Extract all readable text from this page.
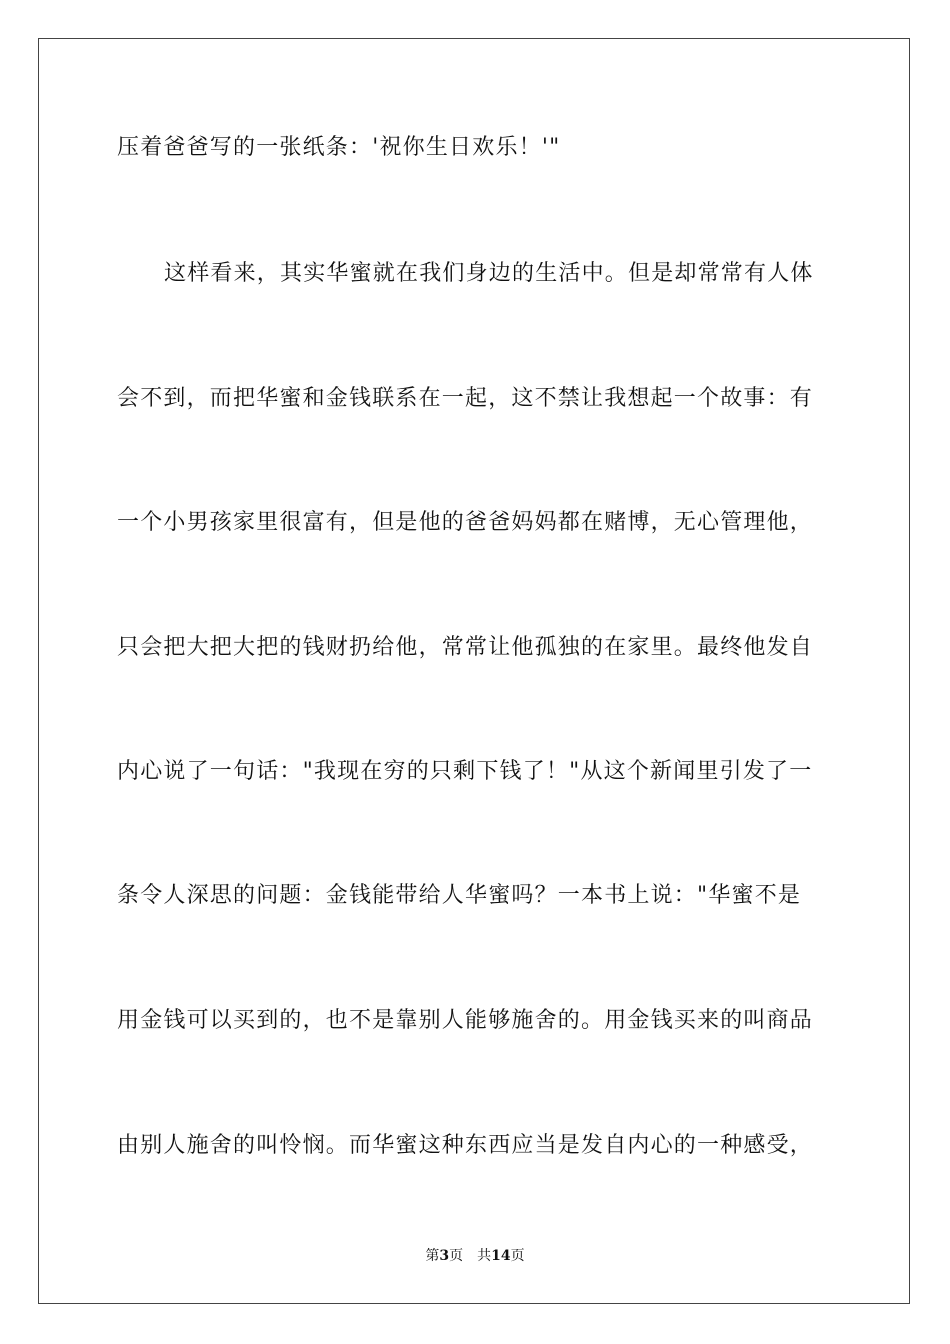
压着爸爸写的一张纸条：'祝你生日欢乐！'"
这样看来，其实华蜜就在我们身边的生活中。但是却常常有人体
会不到，而把华蜜和金钱联系在一起，这不禁让我想起一个故事：有
一个小男孩家里很富有，但是他的爸爸妈妈都在赌博，无心管理他，
只会把大把大把的钱财扔给他，常常让他孤独的在家里。最终他发自
内心说了一句话："我现在穷的只剩下钱了！"从这个新闻里引发了一
条令人深思的问题：金钱能带给人华蜜吗？一本书上说："华蜜不是
用金钱可以买到的，也不是靠别人能够施舍的。用金钱买来的叫商品
由别人施舍的叫怜悯。而华蜜这种东西应当是发自内心的一种感受，
第3页 共14页
